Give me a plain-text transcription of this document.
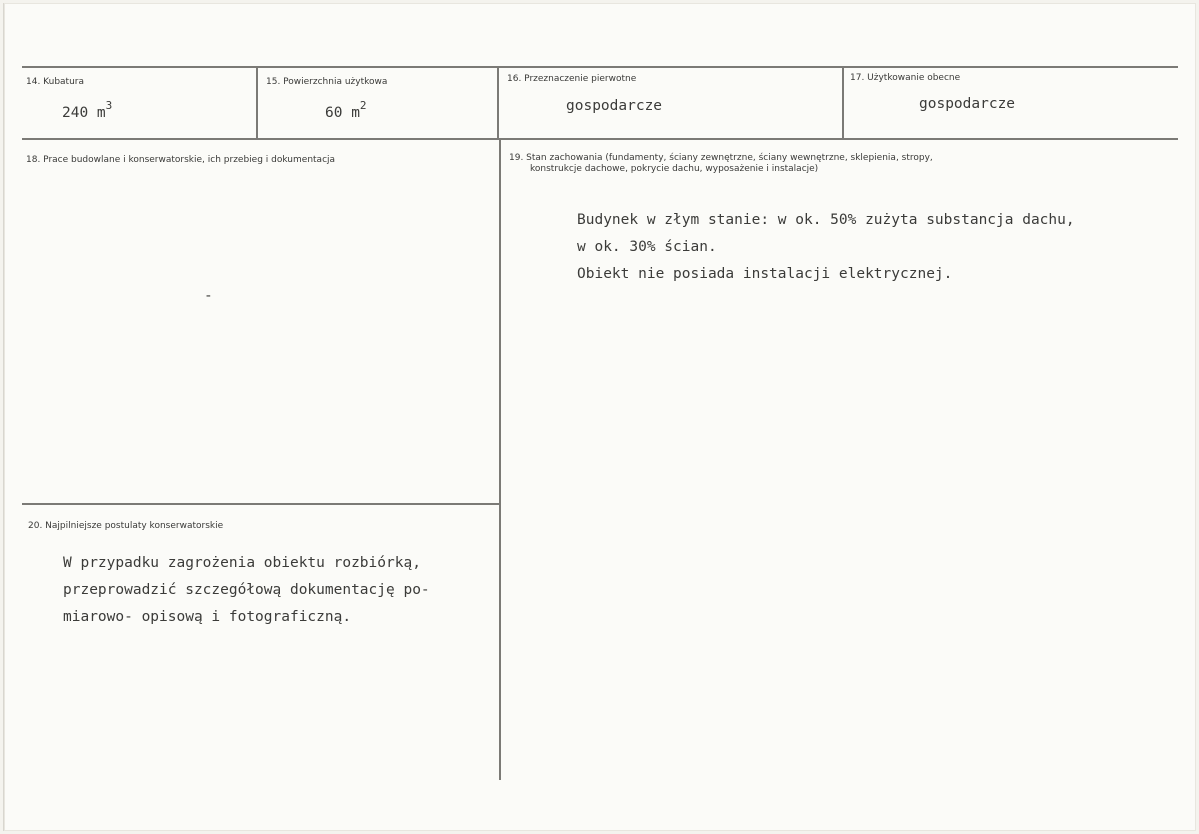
14. Kubatura
240 $m^3$
15. Powierzchnia użytkowa
60 $m^2$
16. Przeznaczenie pierwotne
gospodarcze
17. Użytkowanie obecne
gospodarcze
18. Prace budowlane i konserwatorskie, ich przebieg i dokumentacja
-
19. Stan zachowania (fundamenty, ściany zewnętrzne, ściany wewnętrzne, sklepienia, stropy,
konstrukcje dachowe, pokrycie dachu, wyposażenie i instalacje)
Budynek w złym stanie: w ok. 50% zużyta substancja dachu,
w ok. 30% ścian.
Obiekt nie posiada instalacji elektrycznej.
20. Najpilniejsze postulaty konserwatorskie
W przypadku zagrożenia obiektu rozbiórką,
przeprowadzić szczegółową dokumentację po-
miarowo- opisową i fotograficzną.
